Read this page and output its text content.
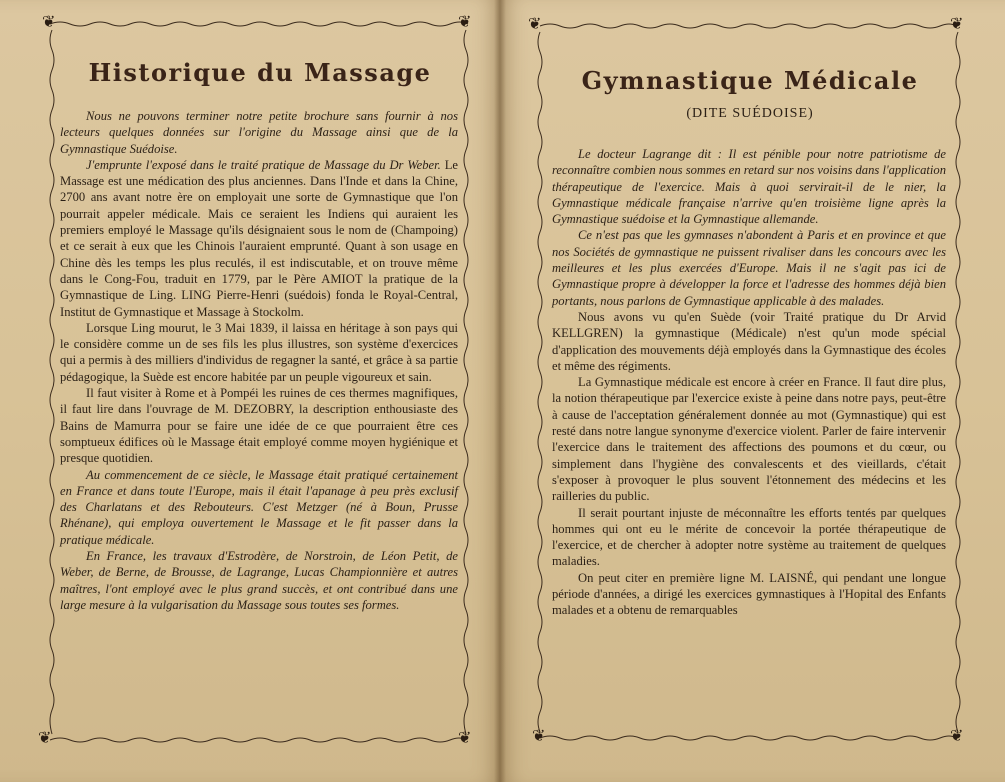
❦	❦
❦	❦
❦	❦
❦	❦
Historique du Massage

Nous ne pouvons terminer notre petite brochure sans fournir à nos lecteurs quelques données sur l'origine du Massage ainsi que de la Gymnastique Suédoise.

J'emprunte l'exposé dans le traité pratique de Massage du Dr Weber. Le Massage est une médication des plus anciennes. Dans l'Inde et dans la Chine, 2700 ans avant notre ère on employait une sorte de Gymnastique que l'on pourrait appeler médicale. Mais ce seraient les Indiens qui auraient les premiers employé le Massage qu'ils désignaient sous le nom de (Champoing) et ce serait à eux que les Chinois l'auraient emprunté. Quant à son usage en Chine dès les temps les plus reculés, il est indiscutable, et on trouve même dans le Cong-Fou, traduit en 1779, par le Père AMIOT la pratique de la Gymnastique de Ling. LING Pierre-Henri (suédois) fonda le Royal-Central, Institut de Gymnastique et Massage à Stockolm.

Lorsque Ling mourut, le 3 Mai 1839, il laissa en héritage à son pays qui le considère comme un de ses fils les plus illustres, son système d'exercices qui a permis à des milliers d'individus de regagner la santé, et grâce à sa partie pédagogique, la Suède est encore habitée par un peuple vigoureux et sain.

Il faut visiter à Rome et à Pompéi les ruines de ces thermes magnifiques, il faut lire dans l'ouvrage de M. DEZOBRY, la description enthousiaste des Bains de Mamurra pour se faire une idée de ce que pourraient être ces somptueux édifices où le Massage était employé comme moyen hygiénique et presque quotidien.

Au commencement de ce siècle, le Massage était pratiqué certainement en France et dans toute l'Europe, mais il était l'apanage à peu près exclusif des Charlatans et des Rebouteurs. C'est Metzger (né à Boun, Prusse Rhénane), qui employa ouvertement le Massage et le fit passer dans la pratique médicale.

En France, les travaux d'Estrodère, de Norstroin, de Léon Petit, de Weber, de Berne, de Brousse, de Lagrange, Lucas Championnière et autres maîtres, l'ont employé avec le plus grand succès, et ont contribué dans une large mesure à la vulgarisation du Massage sous toutes ses formes.

Gymnastique Médicale
(DITE SUÉDOISE)

Le docteur Lagrange dit : Il est pénible pour notre patriotisme de reconnaître combien nous sommes en retard sur nos voisins dans l'application thérapeutique de l'exercice. Mais à quoi servirait-il de le nier, la Gymnastique médicale française n'arrive qu'en troisième ligne après la Gymnastique suédoise et la Gymnastique allemande.

Ce n'est pas que les gymnases n'abondent à Paris et en province et que nos Sociétés de gymnastique ne puissent rivaliser dans les concours avec les meilleures et les plus exercées d'Europe. Mais il ne s'agit pas ici de Gymnastique propre à développer la force et l'adresse des hommes déjà bien portants, nous parlons de Gymnastique applicable à des malades.

Nous avons vu qu'en Suède (voir Traité pratique du Dr Arvid KELLGREN) la gymnastique (Médicale) n'est qu'un mode spécial d'application des mouvements déjà employés dans la Gymnastique des écoles et même des régiments.

La Gymnastique médicale est encore à créer en France. Il faut dire plus, la notion thérapeutique par l'exercice existe à peine dans notre pays, peut-être à cause de l'acceptation généralement donnée au mot (Gymnastique) qui est resté dans notre langue synonyme d'exercice violent. Parler de faire intervenir l'exercice dans le traitement des affections des poumons et du cœur, ou simplement dans l'hygiène des convalescents et des vieillards, c'était s'exposer à provoquer le plus souvent l'étonnement des médecins et les railleries du public.

Il serait pourtant injuste de méconnaître les efforts tentés par quelques hommes qui ont eu le mérite de concevoir la portée thérapeutique de l'exercice, et de chercher à adopter notre système au traitement de quelques maladies.

On peut citer en première ligne M. LAISNÉ, qui pendant une longue période d'années, a dirigé les exercices gymnastiques à l'Hopital des Enfants malades et a obtenu de remarquables
